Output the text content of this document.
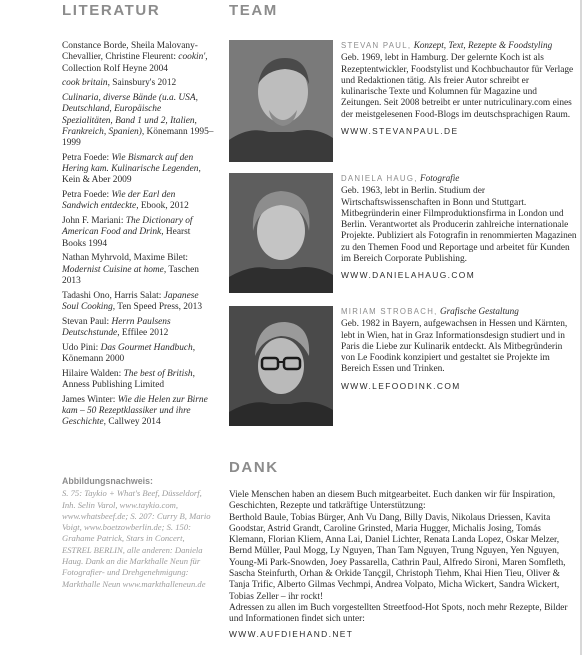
LITERATUR	TEAM
DANK
Constance Borde, Sheila Malovany-Chevallier, Christine Fleurent: cookin', Collection Rolf Heyne 2004
cook britain, Sainsbury's 2012
Culinaria, diverse Bände (u.a. USA, Deutschland, Europäische Spezialitäten, Band 1 und 2, Italien, Frankreich, Spanien), Könemann 1995–1999
Petra Foede: Wie Bismarck auf den Hering kam. Kulinarische Legenden, Kein & Aber 2009
Petra Foede: Wie der Earl den Sandwich entdeckte, Ebook, 2012
John F. Mariani: The Dictionary of American Food and Drink, Hearst Books 1994
Nathan Myhrvold, Maxime Bilet: Modernist Cuisine at home, Taschen 2013
Tadashi Ono, Harris Salat: Japanese Soul Cooking, Ten Speed Press, 2013
Stevan Paul: Herrn Paulsens Deutschstunde, Effilee 2012
Udo Pini: Das Gourmet Handbuch, Könemann 2000
Hilaire Walden: The best of British, Anness Publishing Limited
James Winter: Wie die Helen zur Birne kam – 50 Rezeptklassiker und ihre Geschichte, Callwey 2014
Abbildungsnachweis:
S. 75: Taykio + What's Beef, Düsseldorf, Inh. Selin Varol, www.taykio.com, www.whatsbeef.de; S. 207: Curry B, Mario Voigt, www.boetzowberlin.de; S. 150: Grahame Patrick, Stars in Concert, ESTREL BERLIN, alle anderen: Daniela Haug. Dank an die Markthalle Neun für Fotografier- und Drehgenehmigung: Markthalle Neun www.markthalleneun.de
STEVAN PAUL, Konzept, Text, Rezepte & Foodstyling
Geb. 1969, lebt in Hamburg. Der gelernte Koch ist als Rezeptentwickler, Foodstylist und Kochbuchautor für Verlage und Redaktionen tätig. Als freier Autor schreibt er kulinarische Texte und Kolumnen für Magazine und Zeitungen. Seit 2008 betreibt er unter nutriculinary.com eines der meistgelesenen Food-Blogs im deutschsprachigen Raum.
WWW.STEVANPAUL.DE
DANIELA HAUG, Fotografie
Geb. 1963, lebt in Berlin. Studium der Wirtschaftswissenschaften in Bonn und Stuttgart. Mitbegründerin einer Filmproduktionsfirma in London und Berlin. Verantwortet als Producerin zahlreiche internationale Projekte. Publiziert als Fotografin in renommierten Magazinen zu den Themen Food und Reportage und arbeitet für Kunden im Bereich Corporate Publishing.
WWW.DANIELAHAUG.COM
MIRIAM STROBACH, Grafische Gestaltung
Geb. 1982 in Bayern, aufgewachsen in Hessen und Kärnten, lebt in Wien, hat in Graz Informationsdesign studiert und in Paris die Liebe zur Kulinarik entdeckt. Als Mitbegründerin von Le Foodink konzipiert und gestaltet sie Projekte im Bereich Essen und Trinken.
WWW.LEFOODINK.COM

Viele Menschen haben an diesem Buch mitgearbeitet. Euch danken wir für Inspiration, Geschichten, Rezepte und tatkräftige Unterstützung:

Berthold Baule, Tobias Bürger, Anh Vu Dang, Billy Davis, Nikolaus Driessen, Kavita Goodstar, Astrid Grandt, Caroline Grinsted, Maria Hugger, Michalis Josing, Tomás Klemann, Florian Kliem, Anna Lai, Daniel Lichter, Renata Landa Lopez, Oskar Melzer, Bernd Müller, Paul Mogg, Ly Nguyen, Than Tam Nguyen, Trung Nguyen, Yen Nguyen, Young-Mi Park-Snowden, Joey Passarella, Cathrin Paul, Alfredo Sironi, Maren Somfleth, Sascha Steinfurth, Orhan & Orkide Tançgil, Christoph Tiehm, Khai Hien Tieu, Oliver & Tanja Trific, Alberto Gilmas Vechmpi, Andrea Volpato, Micha Wickert, Sandra Wickert, Tobias Zeller – ihr rockt!

Adressen zu allen im Buch vorgestellten Streetfood-Hot Spots, noch mehr Rezepte, Bilder und Informationen findet sich unter:

WWW.AUFDIEHAND.NET
